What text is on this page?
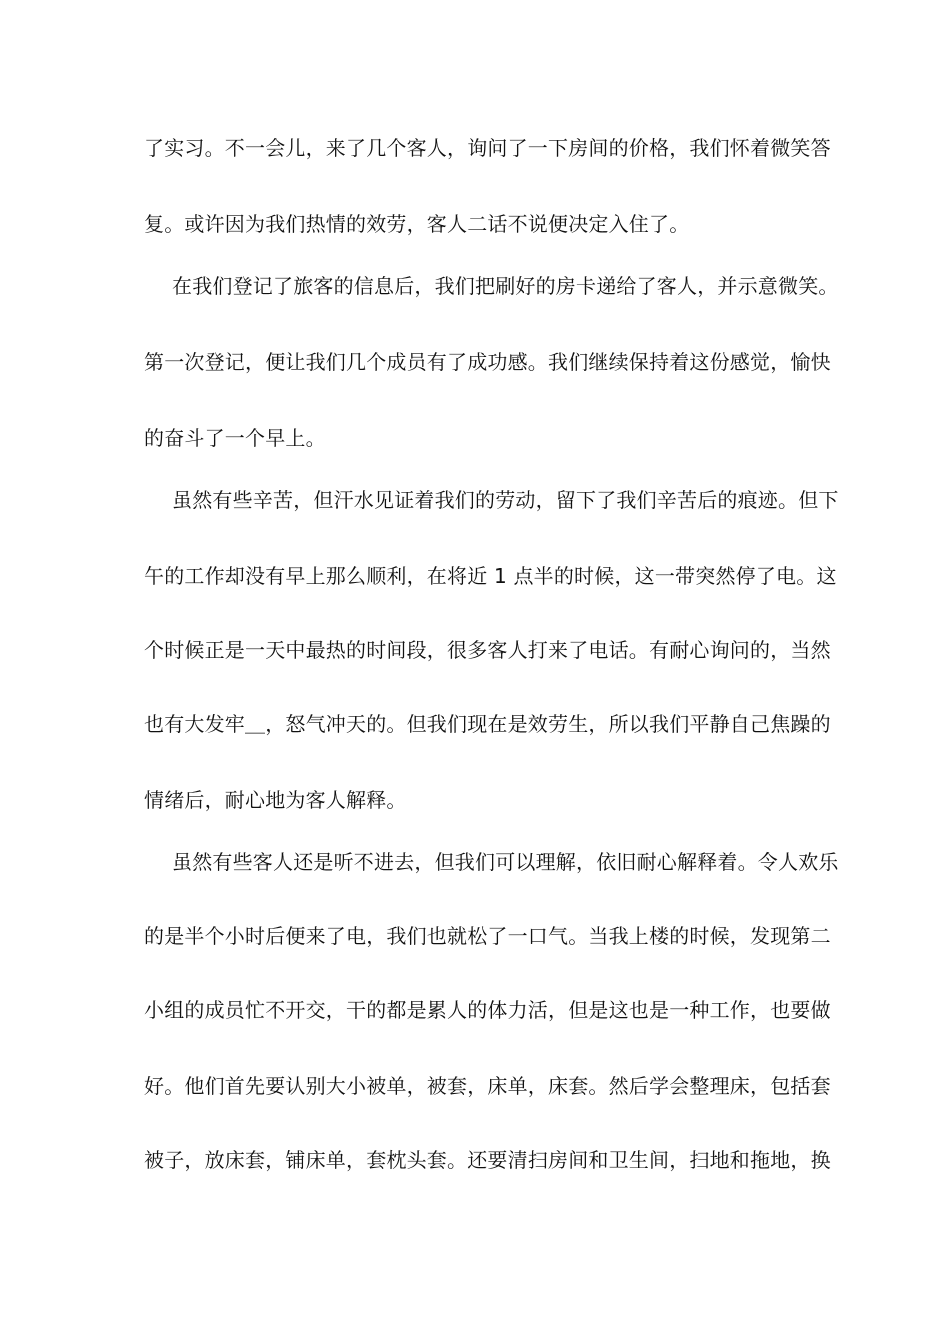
了实习。不一会儿，来了几个客人，询问了一下房间的价格，我们怀着微笑答
复。或许因为我们热情的效劳，客人二话不说便决定入住了。
在我们登记了旅客的信息后，我们把刷好的房卡递给了客人，并示意微笑。
第一次登记，便让我们几个成员有了成功感。我们继续保持着这份感觉，愉快
的奋斗了一个早上。
虽然有些辛苦，但汗水见证着我们的劳动，留下了我们辛苦后的痕迹。但下
午的工作却没有早上那么顺利，在将近 1 点半的时候，这一带突然停了电。这
个时候正是一天中最热的时间段，很多客人打来了电话。有耐心询问的，当然
也有大发牢＿，怒气冲天的。但我们现在是效劳生，所以我们平静自己焦躁的
情绪后，耐心地为客人解释。
虽然有些客人还是听不进去，但我们可以理解，依旧耐心解释着。令人欢乐
的是半个小时后便来了电，我们也就松了一口气。当我上楼的时候，发现第二
小组的成员忙不开交，干的都是累人的体力活，但是这也是一种工作，也要做
好。他们首先要认别大小被单，被套，床单，床套。然后学会整理床，包括套
被子，放床套，铺床单，套枕头套。还要清扫房间和卫生间，扫地和拖地，换
